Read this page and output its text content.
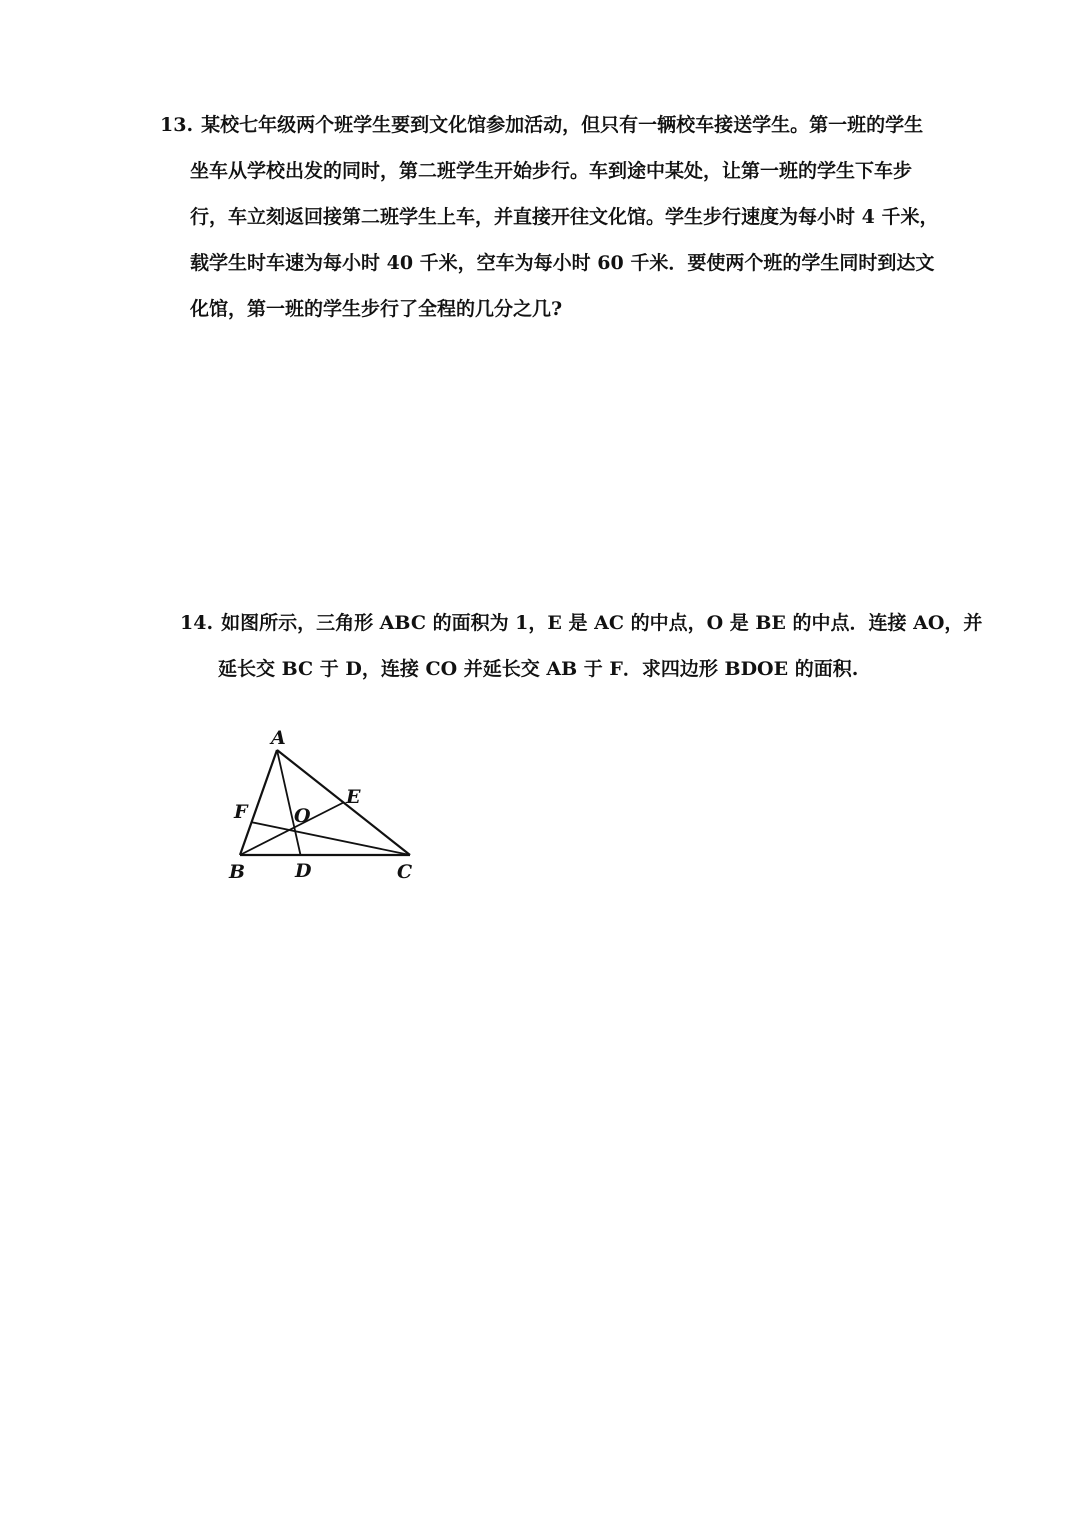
13. 某校七年级两个班学生要到文化馆参加活动，但只有一辆校车接送学生。第一班的学生
坐车从学校出发的同时，第二班学生开始步行。车到途中某处，让第一班的学生下车步
行，车立刻返回接第二班学生上车，并直接开往文化馆。学生步行速度为每小时 4 千米，
载学生时车速为每小时 40 千米，空车为每小时 60 千米．要使两个班的学生同时到达文
化馆，第一班的学生步行了全程的几分之几?
14. 如图所示，三角形 ABC 的面积为 1，E 是 AC 的中点，O 是 BE 的中点．连接 AO，并
延长交 BC 于 D，连接 CO 并延长交 AB 于 F．求四边形 BDOE 的面积.
A
B	C
D
E
F O
